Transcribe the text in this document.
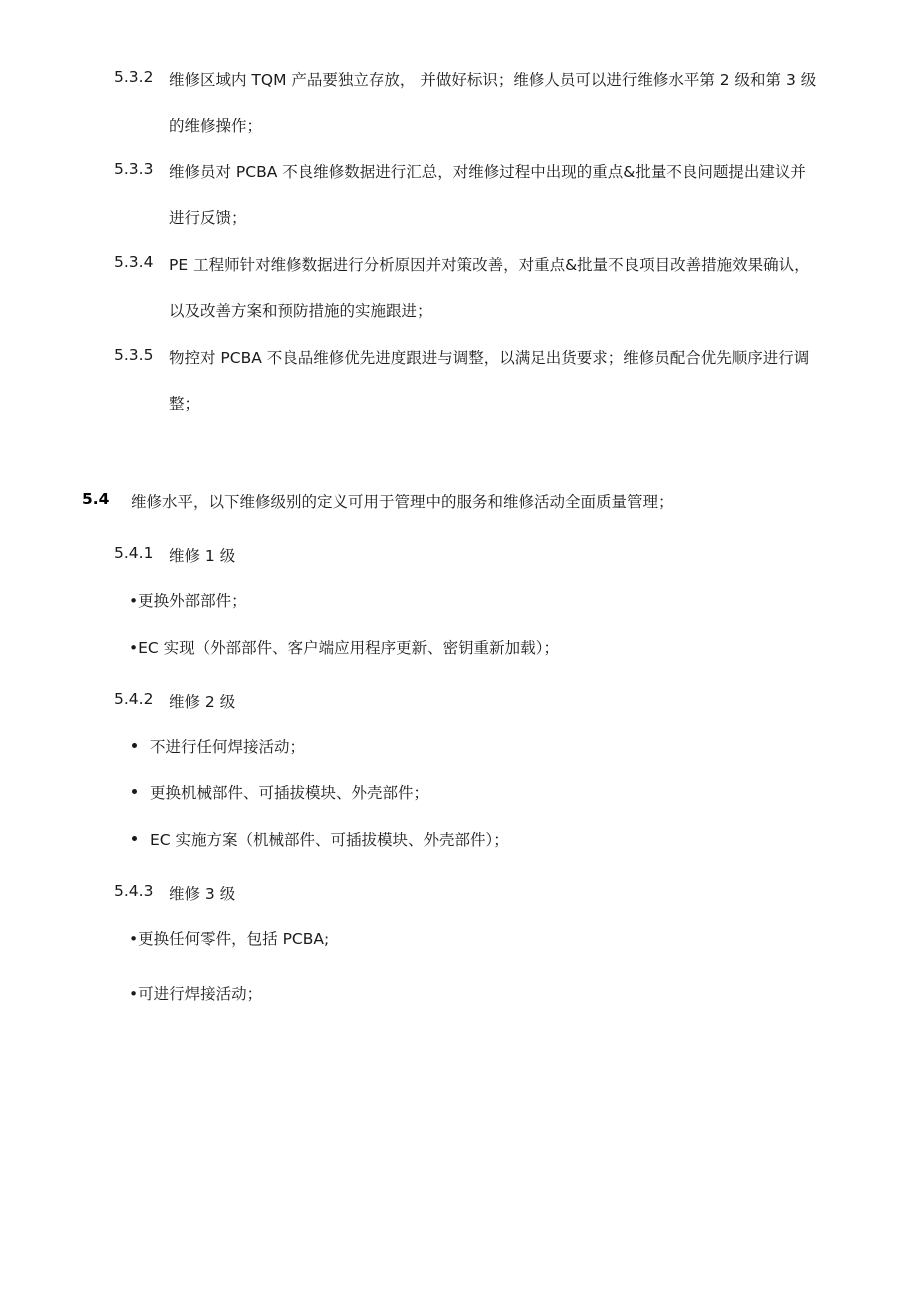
5.3.2 维修区域内 TQM 产品要独立存放， 并做好标识；维修人员可以进行维修水平第 2 级和第 3 级
的维修操作；
5.3.3 维修员对 PCBA 不良维修数据进行汇总，对维修过程中出现的重点&批量不良问题提出建议并
进行反馈；
5.3.4 PE 工程师针对维修数据进行分析原因并对策改善，对重点&批量不良项目改善措施效果确认，
以及改善方案和预防措施的实施跟进；
5.3.5 物控对 PCBA 不良品维修优先进度跟进与调整，以满足出货要求；维修员配合优先顺序进行调
整；
5.4 维修水平，以下维修级别的定义可用于管理中的服务和维修活动全面质量管理；
5.4.1 维修 1 级
•更换外部部件；
•EC 实现（外部部件、客户端应用程序更新、密钥重新加载）；
5.4.2 维修 2 级
不进行任何焊接活动；
更换机械部件、可插拔模块、外壳部件；
EC 实施方案（机械部件、可插拔模块、外壳部件）；
5.4.3 维修 3 级
•更换任何零件，包括 PCBA;
•可进行焊接活动；
